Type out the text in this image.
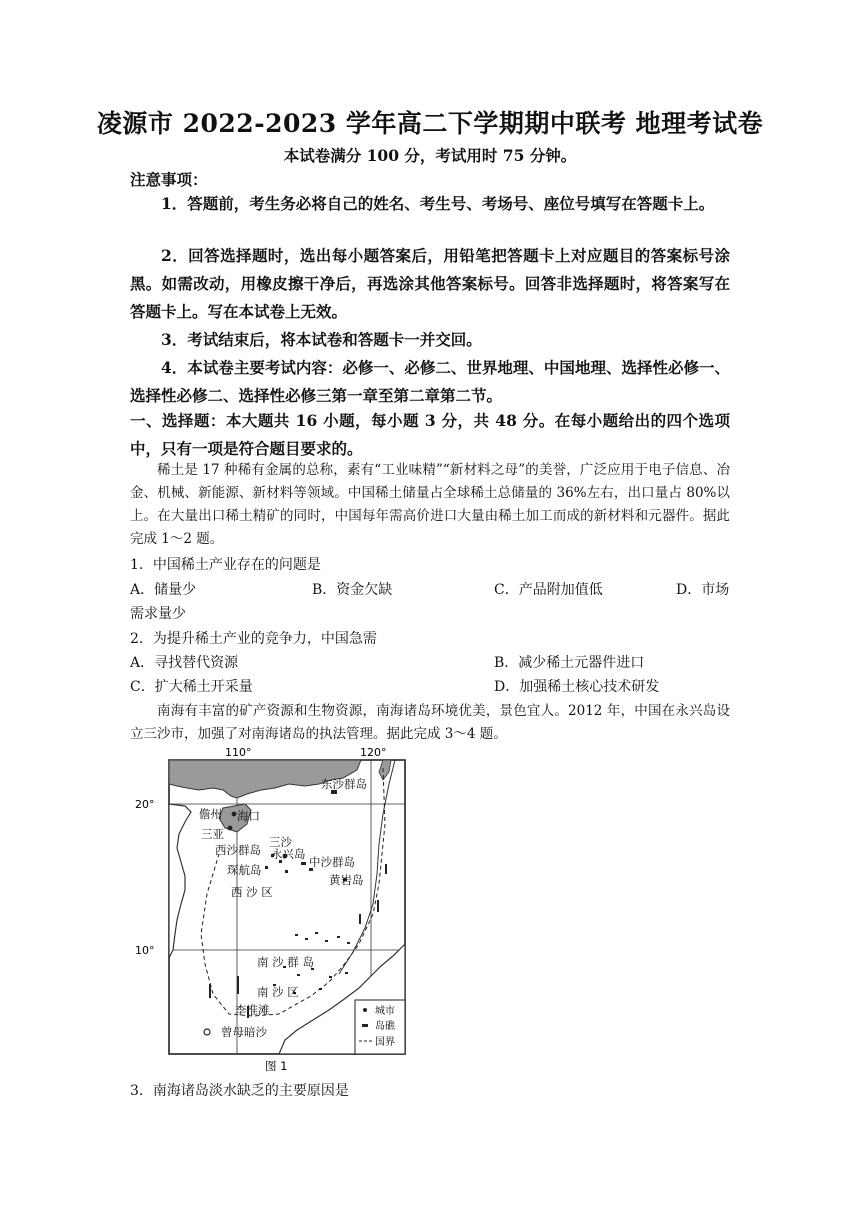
凌源市 2022-2023 学年高二下学期期中联考 地理考试卷
本试卷满分 100 分，考试用时 75 分钟。
注意事项：
1．答题前，考生务必将自己的姓名、考生号、考场号、座位号填写在答题卡上。
2．回答选择题时，选出每小题答案后，用铅笔把答题卡上对应题目的答案标号涂黑。如需改动，用橡皮擦干净后，再选涂其他答案标号。回答非选择题时，将答案写在答题卡上。写在本试卷上无效。
3．考试结束后，将本试卷和答题卡一并交回。
4．本试卷主要考试内容：必修一、必修二、世界地理、中国地理、选择性必修一、选择性必修二、选择性必修三第一章至第二章第二节。
一、选择题：本大题共 16 小题，每小题 3 分，共 48 分。在每小题给出的四个选项中，只有一项是符合题目要求的。
稀土是 17 种稀有金属的总称，素有“工业味精”“新材料之母”的美誉，广泛应用于电子信息、冶金、机械、新能源、新材料等领域。中国稀土储量占全球稀土总储量的 36%左右，出口量占 80%以上。在大量出口稀土精矿的同时，中国每年需高价进口大量由稀土加工而成的新材料和元器件。据此完成 1～2 题。
1．中国稀土产业存在的问题是
A．储量少	B．资金欠缺	C．产品附加值低	D．市场
需求量少
2．为提升稀土产业的竞争力，中国急需
A．寻找替代资源	B．减少稀土元器件进口
C．扩大稀土开采量	D．加强稀土核心技术研发
南海有丰富的矿产资源和生物资源，南海诸岛环境优美，景色宜人。2012 年，中国在永兴岛设立三沙市，加强了对南海诸岛的执法管理。据此完成 3～4 题。
110°	120°
20°
10°
东沙群岛
儋州 海口
三亚
三沙
西沙群岛 永兴岛
琛航岛
中沙群岛
黄岩岛
西 沙 区
南 沙 群 岛
南 沙 区
李准滩
曾母暗沙
城市
岛礁
国界
图 1
3．南海诸岛淡水缺乏的主要原因是
